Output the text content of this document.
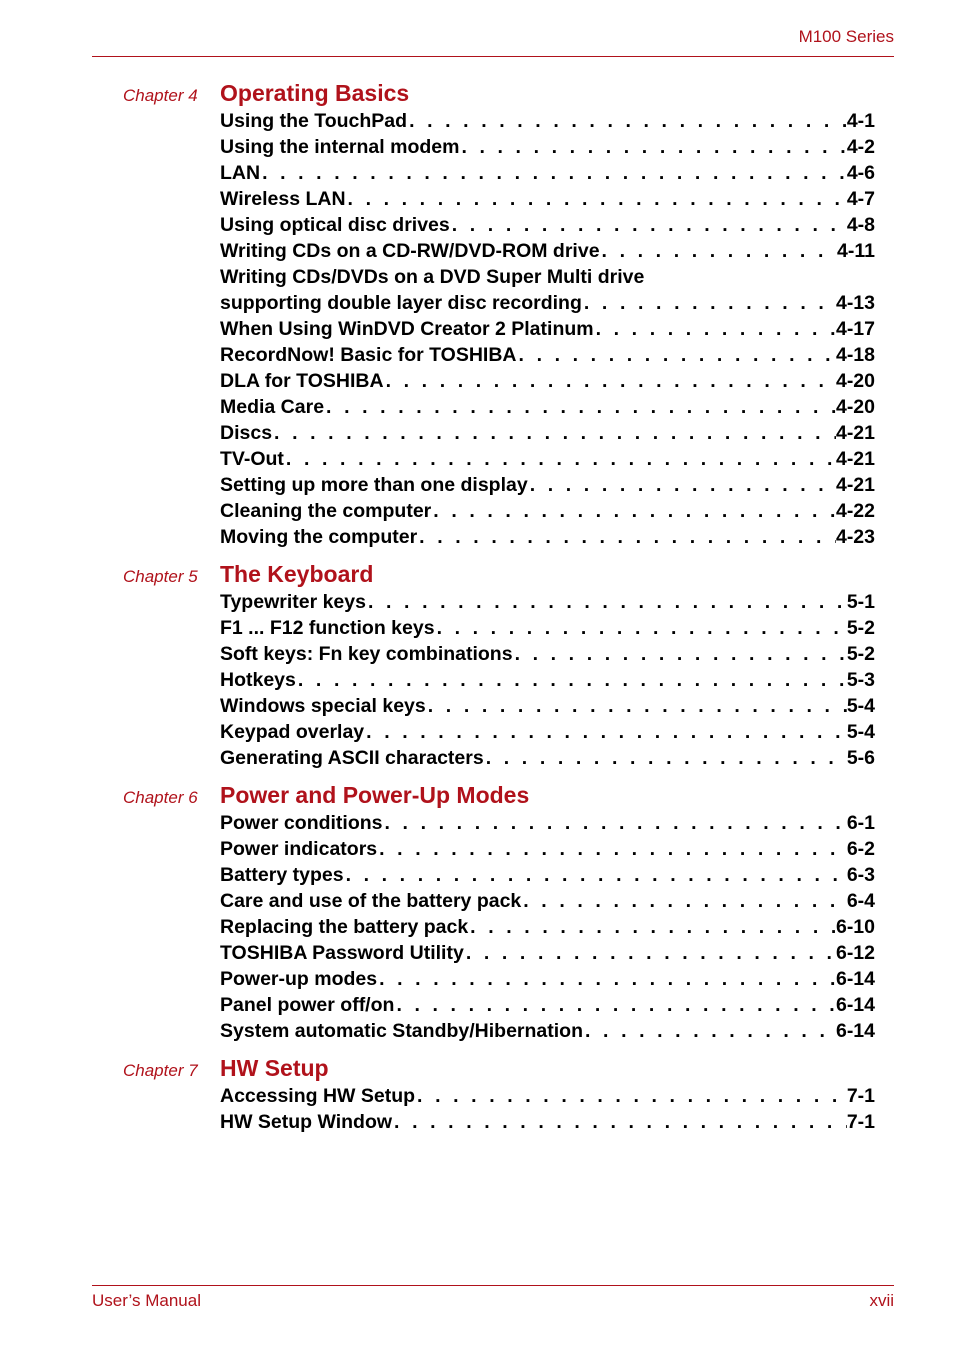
M100 Series
Chapter 4 Operating Basics
Using the TouchPad . . .	4-1
Using the internal modem . . .	4-2
LAN . . .	4-6
Wireless LAN . . .	4-7
Using optical disc drives . . .	4-8
Writing CDs on a CD-RW/DVD-ROM drive . . .	4-11
Writing CDs/DVDs on a DVD Super Multi drive
supporting double layer disc recording . . .	4-13
When Using WinDVD Creator 2 Platinum . . .	4-17
RecordNow! Basic for TOSHIBA . . .	4-18
DLA for TOSHIBA . . .	4-20
Media Care . . .	4-20
Discs . . .	4-21
TV-Out . . .	4-21
Setting up more than one display . . .	4-21
Cleaning the computer . . .	4-22
Moving the computer . . .	4-23
Chapter 5 The Keyboard
Typewriter keys . . .	5-1
F1 ... F12 function keys . . .	5-2
Soft keys: Fn key combinations . . .	5-2
Hotkeys . . .	5-3
Windows special keys . . .	5-4
Keypad overlay . . .	5-4
Generating ASCII characters . . .	5-6
Chapter 6 Power and Power-Up Modes
Power conditions . . .	6-1
Power indicators . . .	6-2
Battery types . . .	6-3
Care and use of the battery pack . . .	6-4
Replacing the battery pack . . .	6-10
TOSHIBA Password Utility . . .	6-12
Power-up modes . . .	6-14
Panel power off/on . . .	6-14
System automatic Standby/Hibernation . . .	6-14
Chapter 7 HW Setup
Accessing HW Setup . . .	7-1
HW Setup Window . . .	7-1
User’s Manual	xvii
